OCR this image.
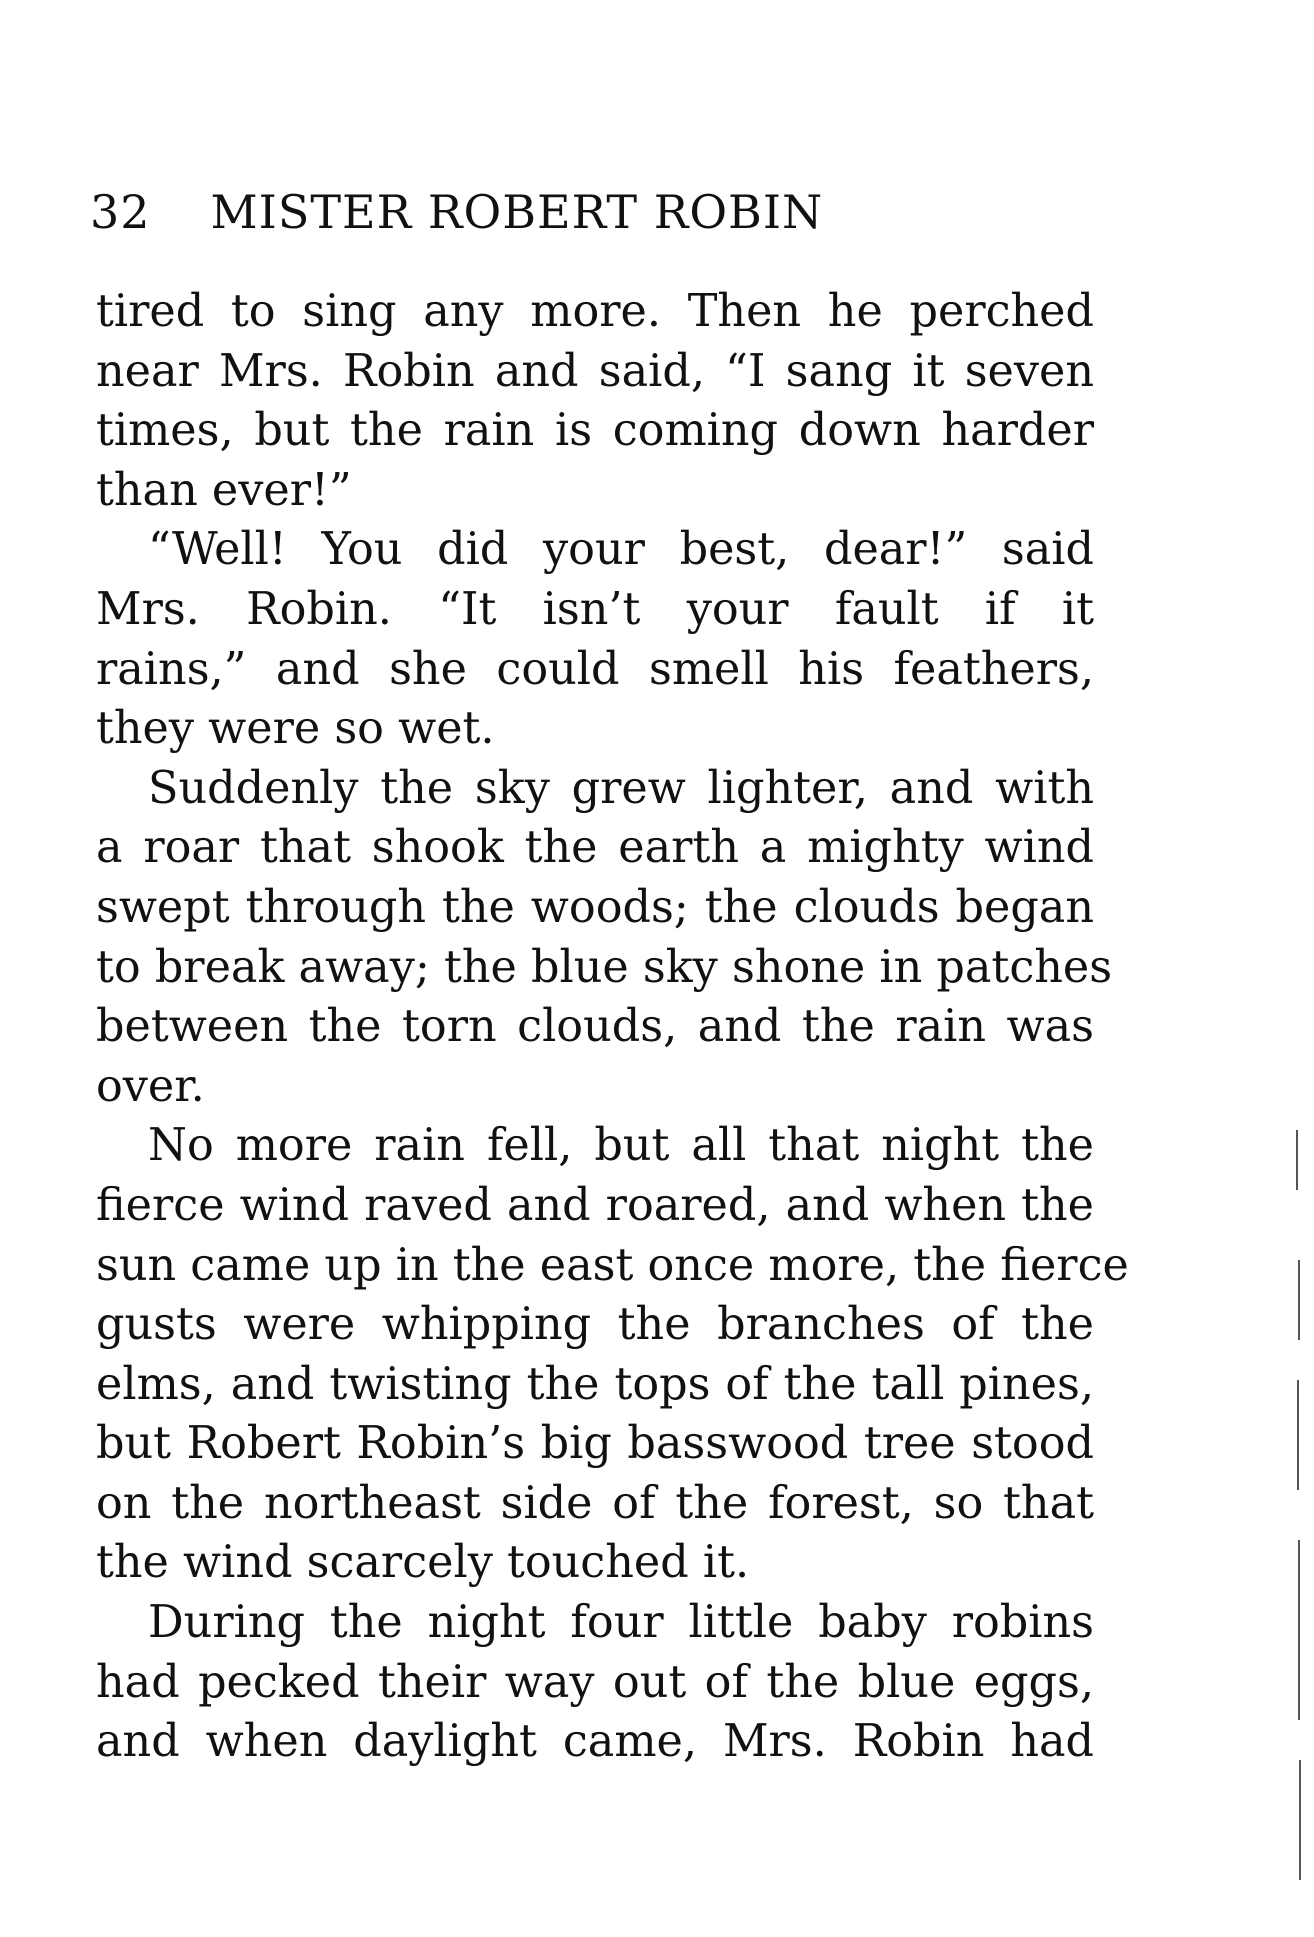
32 MISTER ROBERT ROBIN
tired to sing any more. Then he perched
near Mrs. Robin and said, “I sang it seven
times, but the rain is coming down harder
than ever!”
“Well! You did your best, dear!” said
Mrs. Robin. “It isn’t your fault if it
rains,” and she could smell his feathers,
they were so wet.
Suddenly the sky grew lighter, and with
a roar that shook the earth a mighty wind
swept through the woods; the clouds began
to break away; the blue sky shone in patches
between the torn clouds, and the rain was
over.
No more rain fell, but all that night the
fierce wind raved and roared, and when the
sun came up in the east once more, the fierce
gusts were whipping the branches of the
elms, and twisting the tops of the tall pines,
but Robert Robin’s big basswood tree stood
on the northeast side of the forest, so that
the wind scarcely touched it.
During the night four little baby robins
had pecked their way out of the blue eggs,
and when daylight came, Mrs. Robin had
